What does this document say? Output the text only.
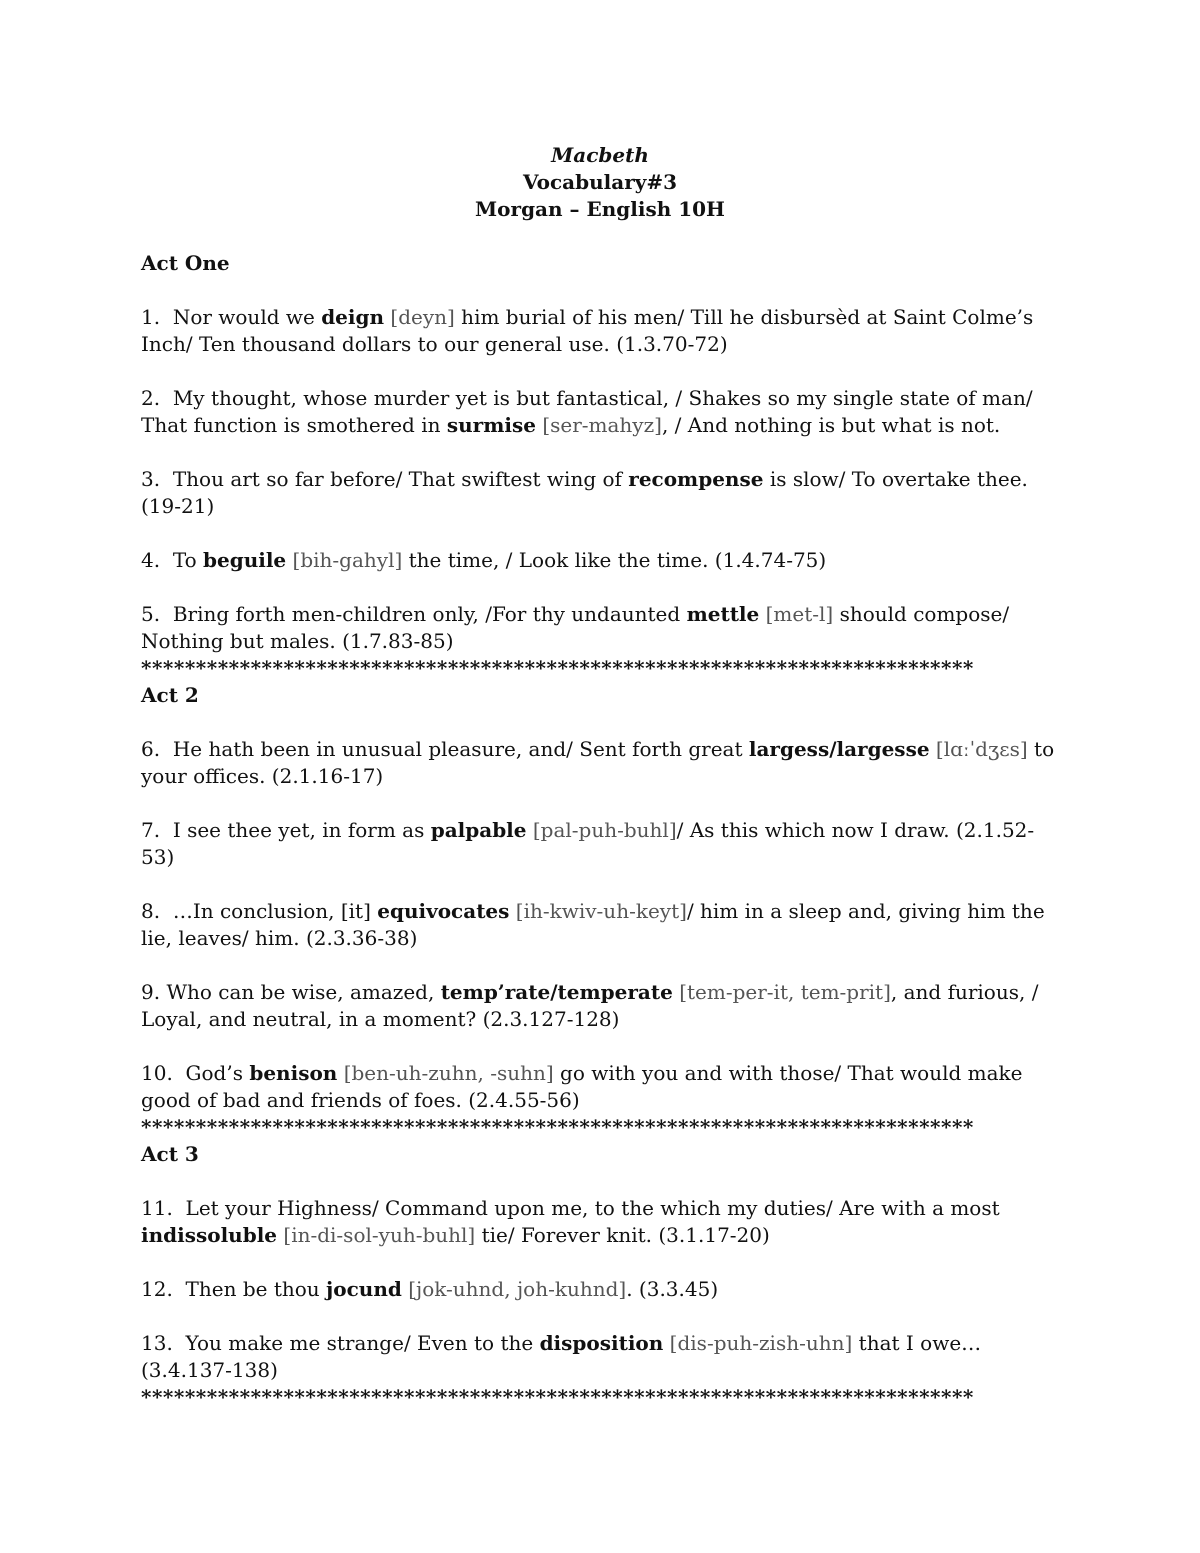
Macbeth
Vocabulary#3
Morgan – English 10H
Act One
1. Nor would we deign [deyn] him burial of his men/ Till he disbursèd at Saint Colme’s Inch/ Ten thousand dollars to our general use. (1.3.70-72)
2. My thought, whose murder yet is but fantastical, / Shakes so my single state of man/ That function is smothered in surmise [ser-mahyz], / And nothing is but what is not.
3. Thou art so far before/ That swiftest wing of recompense is slow/ To overtake thee. (19-21)
4. To beguile [bih-gahyl] the time, / Look like the time. (1.4.74-75)
5. Bring forth men-children only, /For thy undaunted mettle [met-l] should compose/ Nothing but males. (1.7.83-85)
****************************************************************************
Act 2
6. He hath been in unusual pleasure, and/ Sent forth great largess/largesse [lɑːˈdʒɛs] to your offices. (2.1.16-17)
7. I see thee yet, in form as palpable [pal-puh-buhl]/ As this which now I draw. (2.1.52-53)
8. …In conclusion, [it] equivocates [ih-kwiv-uh-keyt]/ him in a sleep and, giving him the lie, leaves/ him. (2.3.36-38)
9. Who can be wise, amazed, temp’rate/temperate [tem-per-it, tem-prit], and furious, / Loyal, and neutral, in a moment? (2.3.127-128)
10. God’s benison [ben-uh-zuhn, -suhn] go with you and with those/ That would make good of bad and friends of foes. (2.4.55-56)
****************************************************************************
Act 3
11. Let your Highness/ Command upon me, to the which my duties/ Are with a most indissoluble [in-di-sol-yuh-buhl] tie/ Forever knit. (3.1.17-20)
12. Then be thou jocund [jok-uhnd, joh-kuhnd]. (3.3.45)
13. You make me strange/ Even to the disposition [dis-puh-zish-uhn] that I owe… (3.4.137-138)
****************************************************************************
